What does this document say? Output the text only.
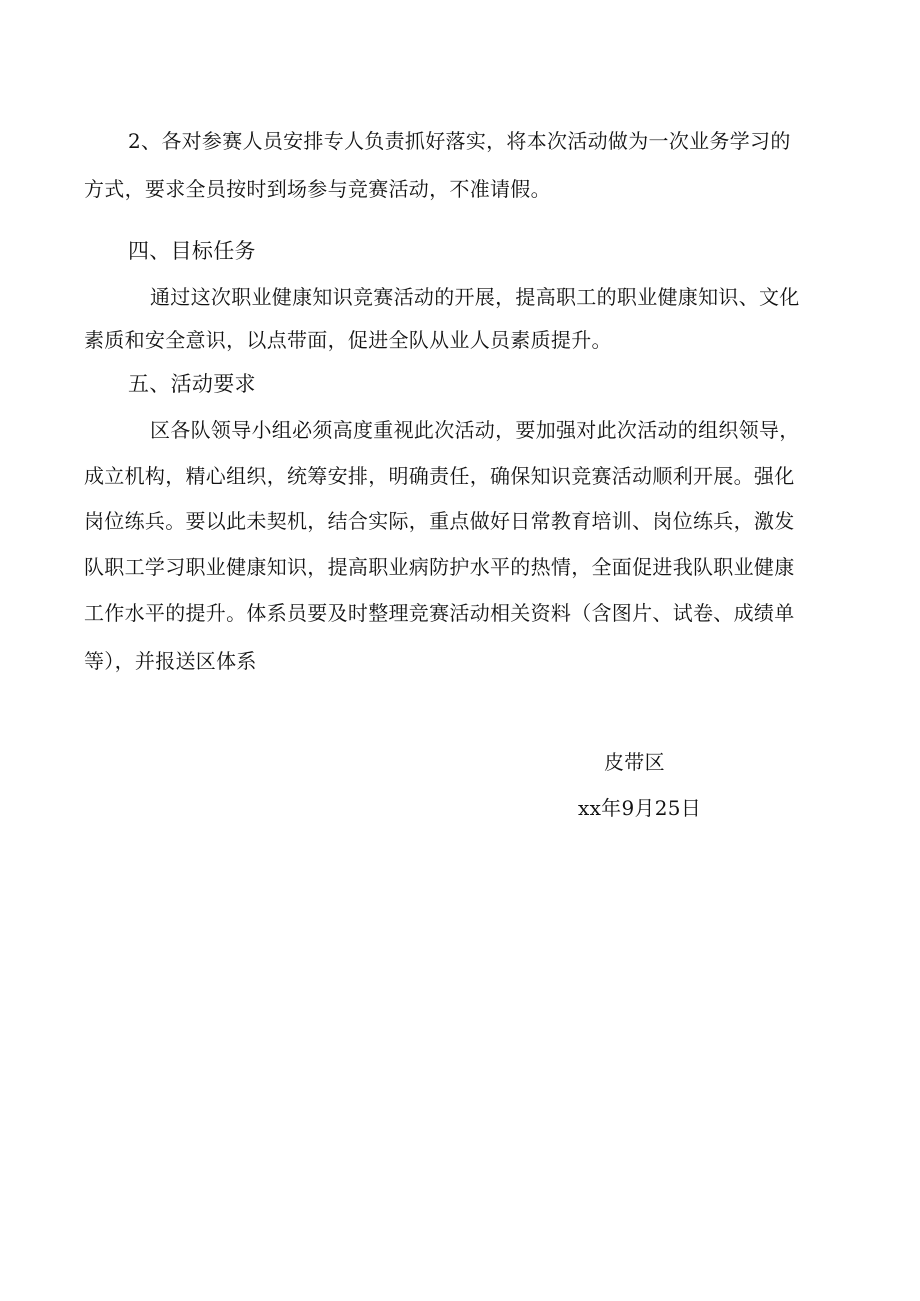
2、各对参赛人员安排专人负责抓好落实，将本次活动做为一次业务学习的
方式，要求全员按时到场参与竞赛活动，不准请假。
四、目标任务
通过这次职业健康知识竞赛活动的开展，提高职工的职业健康知识、文化
素质和安全意识，以点带面，促进全队从业人员素质提升。
五、活动要求
区各队领导小组必须高度重视此次活动，要加强对此次活动的组织领导，
成立机构，精心组织，统筹安排，明确责任，确保知识竞赛活动顺利开展。强化
岗位练兵。要以此未契机，结合实际，重点做好日常教育培训、岗位练兵，激发
队职工学习职业健康知识，提高职业病防护水平的热情，全面促进我队职业健康
工作水平的提升。体系员要及时整理竞赛活动相关资料（含图片、试卷、成绩单
等），并报送区体系
皮带区
xx年9月25日
